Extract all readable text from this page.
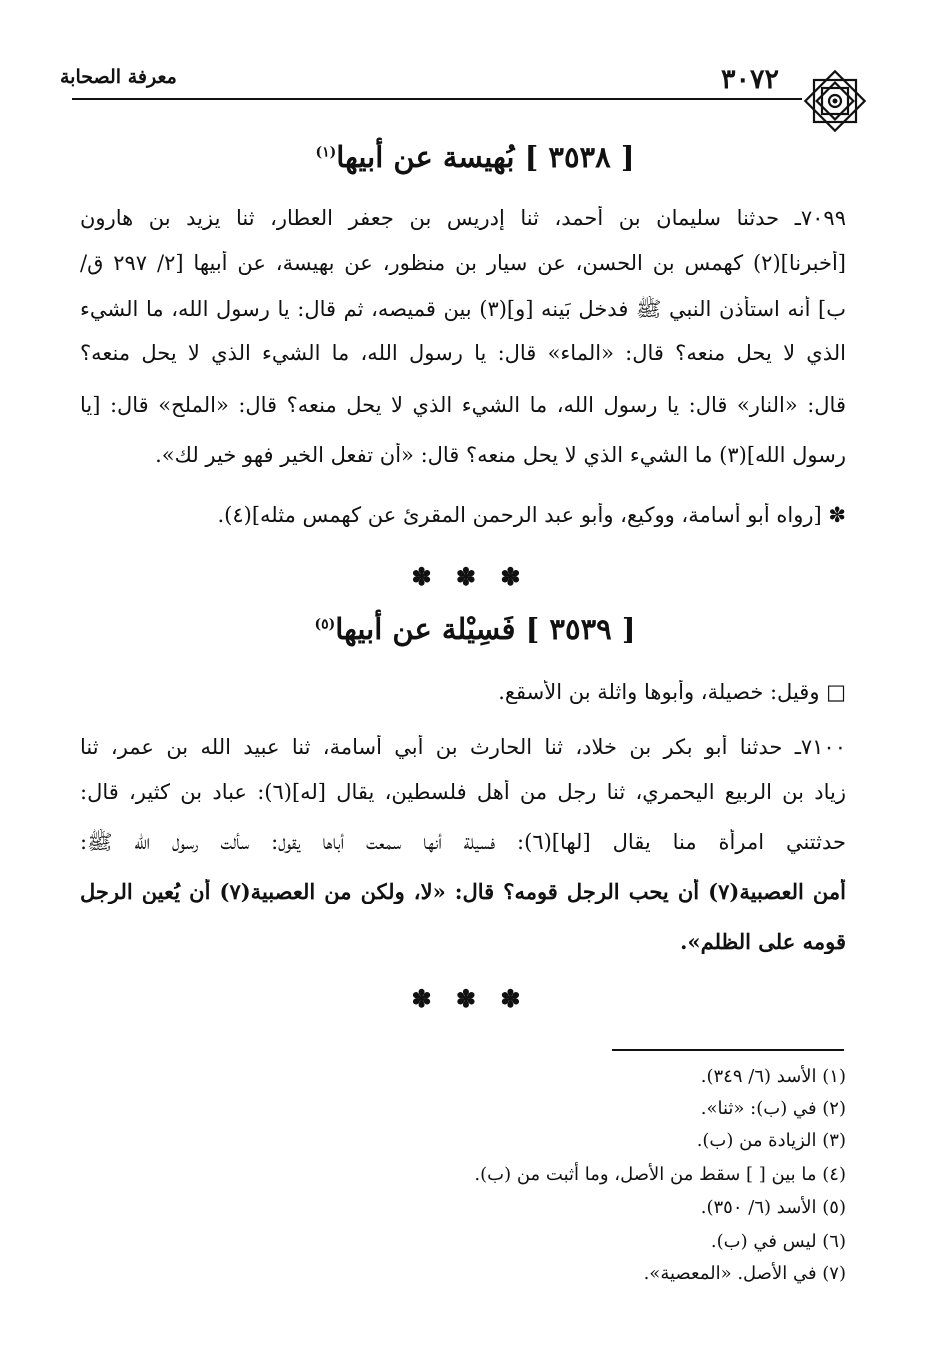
معرفة الصحابة	٣٠٧٢
[ ٣٥٣٨ ] بُهيسة عن أبيها$^{(١)}$
٧٠٩٩ـ حدثنا سليمان بن أحمد، ثنا إدريس بن جعفر العطار، ثنا يزيد بن هارون
[أخبرنا](٢) كهمس بن الحسن، عن سيار بن منظور، عن بهيسة، عن أبيها [٢/ ٢٩٧ ق/
ب] أنه استأذن النبي ﷺ فدخل بَينه [و](٣) بين قميصه، ثم قال: يا رسول الله، ما الشيء
الذي لا يحل منعه؟ قال: «الماء» قال: يا رسول الله، ما الشيء الذي لا يحل منعه؟
قال: «النار» قال: يا رسول الله، ما الشيء الذي لا يحل منعه؟ قال: «الملح» قال: [يا
رسول الله](٣) ما الشيء الذي لا يحل منعه؟ قال: «أن تفعل الخير فهو خير لك».
✽ [رواه أبو أسامة، ووكيع، وأبو عبد الرحمن المقرئ عن كهمس مثله](٤).
✽ ✽ ✽
[ ٣٥٣٩ ] فَسِيْلة عن أبيها$^{(٥)}$
□ وقيل: خصيلة، وأبوها واثلة بن الأسقع.
٧١٠٠ـ حدثنا أبو بكر بن خلاد، ثنا الحارث بن أبي أسامة، ثنا عبيد الله بن عمر، ثنا
زياد بن الربيع اليحمري، ثنا رجل من أهل فلسطين، يقال [له](٦): عباد بن كثير، قال:
حدثتني امرأة منا يقال [لها](٦): فسيلة أنها سمعت أباها يقول: سألت رسول الله ﷺ:
أمن العصبية(٧) أن يحب الرجل قومه؟ قال: «لا، ولكن من العصبية(٧) أن يُعين الرجل
قومه على الظلم».
✽ ✽ ✽
(١) الأسد (٦/ ٣٤٩).
(٢) في (ب): «ثنا».
(٣) الزيادة من (ب).
(٤) ما بين [ ] سقط من الأصل، وما أثبت من (ب).
(٥) الأسد (٦/ ٣٥٠).
(٦) ليس في (ب).
(٧) في الأصل. «المعصية».
